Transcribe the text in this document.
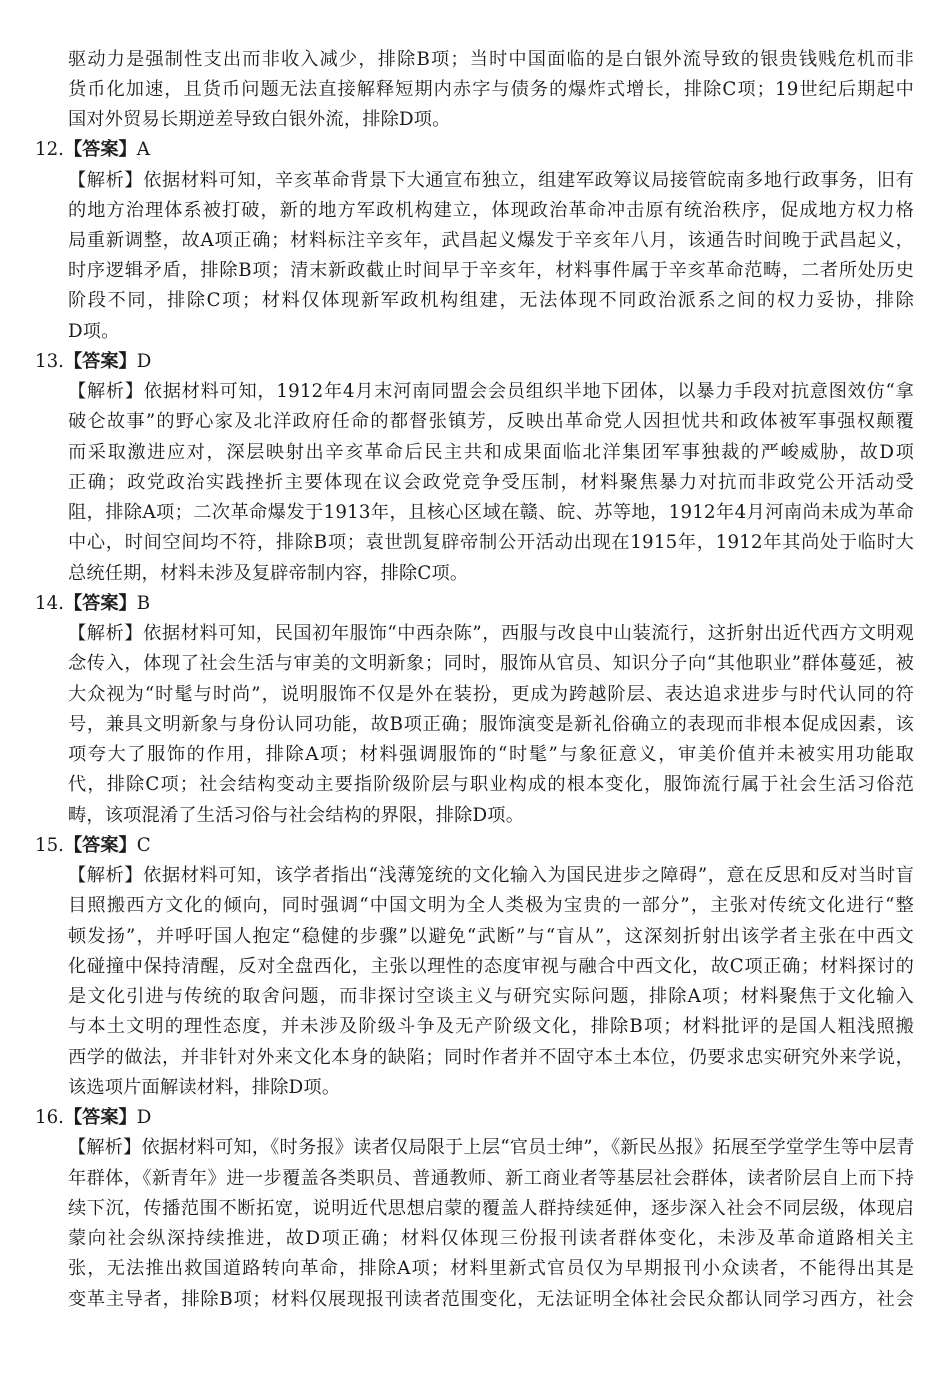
驱动力是强制性支出而非收入减少，排除B项；当时中国面临的是白银外流导致的银贵钱贱危机而非
货币化加速，且货币问题无法直接解释短期内赤字与债务的爆炸式增长，排除C项；19世纪后期起中
国对外贸易长期逆差导致白银外流，排除D项。
12.【答案】A
【解析】依据材料可知，辛亥革命背景下大通宣布独立，组建军政筹议局接管皖南多地行政事务，旧有
的地方治理体系被打破，新的地方军政机构建立，体现政治革命冲击原有统治秩序，促成地方权力格
局重新调整，故A项正确；材料标注辛亥年，武昌起义爆发于辛亥年八月，该通告时间晚于武昌起义，
时序逻辑矛盾，排除B项；清末新政截止时间早于辛亥年，材料事件属于辛亥革命范畴，二者所处历史
阶段不同，排除C项；材料仅体现新军政机构组建，无法体现不同政治派系之间的权力妥协，排除
D项。
13.【答案】D
【解析】依据材料可知，1912年4月末河南同盟会会员组织半地下团体，以暴力手段对抗意图效仿“拿
破仑故事”的野心家及北洋政府任命的都督张镇芳，反映出革命党人因担忧共和政体被军事强权颠覆
而采取激进应对，深层映射出辛亥革命后民主共和成果面临北洋集团军事独裁的严峻威胁，故D项
正确；政党政治实践挫折主要体现在议会政党竞争受压制，材料聚焦暴力对抗而非政党公开活动受
阻，排除A项；二次革命爆发于1913年，且核心区域在赣、皖、苏等地，1912年4月河南尚未成为革命
中心，时间空间均不符，排除B项；袁世凯复辟帝制公开活动出现在1915年，1912年其尚处于临时大
总统任期，材料未涉及复辟帝制内容，排除C项。
14.【答案】B
【解析】依据材料可知，民国初年服饰“中西杂陈”，西服与改良中山装流行，这折射出近代西方文明观
念传入，体现了社会生活与审美的文明新象；同时，服饰从官员、知识分子向“其他职业”群体蔓延，被
大众视为“时髦与时尚”，说明服饰不仅是外在装扮，更成为跨越阶层、表达追求进步与时代认同的符
号，兼具文明新象与身份认同功能，故B项正确；服饰演变是新礼俗确立的表现而非根本促成因素，该
项夸大了服饰的作用，排除A项；材料强调服饰的“时髦”与象征意义，审美价值并未被实用功能取
代，排除C项；社会结构变动主要指阶级阶层与职业构成的根本变化，服饰流行属于社会生活习俗范
畴，该项混淆了生活习俗与社会结构的界限，排除D项。
15.【答案】C
【解析】依据材料可知，该学者指出“浅薄笼统的文化输入为国民进步之障碍”，意在反思和反对当时盲
目照搬西方文化的倾向，同时强调“中国文明为全人类极为宝贵的一部分”，主张对传统文化进行“整
顿发扬”，并呼吁国人抱定“稳健的步骤”以避免“武断”与“盲从”，这深刻折射出该学者主张在中西文
化碰撞中保持清醒，反对全盘西化，主张以理性的态度审视与融合中西文化，故C项正确；材料探讨的
是文化引进与传统的取舍问题，而非探讨空谈主义与研究实际问题，排除A项；材料聚焦于文化输入
与本土文明的理性态度，并未涉及阶级斗争及无产阶级文化，排除B项；材料批评的是国人粗浅照搬
西学的做法，并非针对外来文化本身的缺陷；同时作者并不固守本土本位，仍要求忠实研究外来学说，
该选项片面解读材料，排除D项。
16.【答案】D
【解析】依据材料可知，《时务报》读者仅局限于上层“官员士绅”，《新民丛报》拓展至学堂学生等中层青
年群体，《新青年》进一步覆盖各类职员、普通教师、新工商业者等基层社会群体，读者阶层自上而下持
续下沉，传播范围不断拓宽，说明近代思想启蒙的覆盖人群持续延伸，逐步深入社会不同层级，体现启
蒙向社会纵深持续推进，故D项正确；材料仅体现三份报刊读者群体变化，未涉及革命道路相关主
张，无法推出救国道路转向革命，排除A项；材料里新式官员仅为早期报刊小众读者，不能得出其是
变革主导者，排除B项；材料仅展现报刊读者范围变化，无法证明全体社会民众都认同学习西方，社会
